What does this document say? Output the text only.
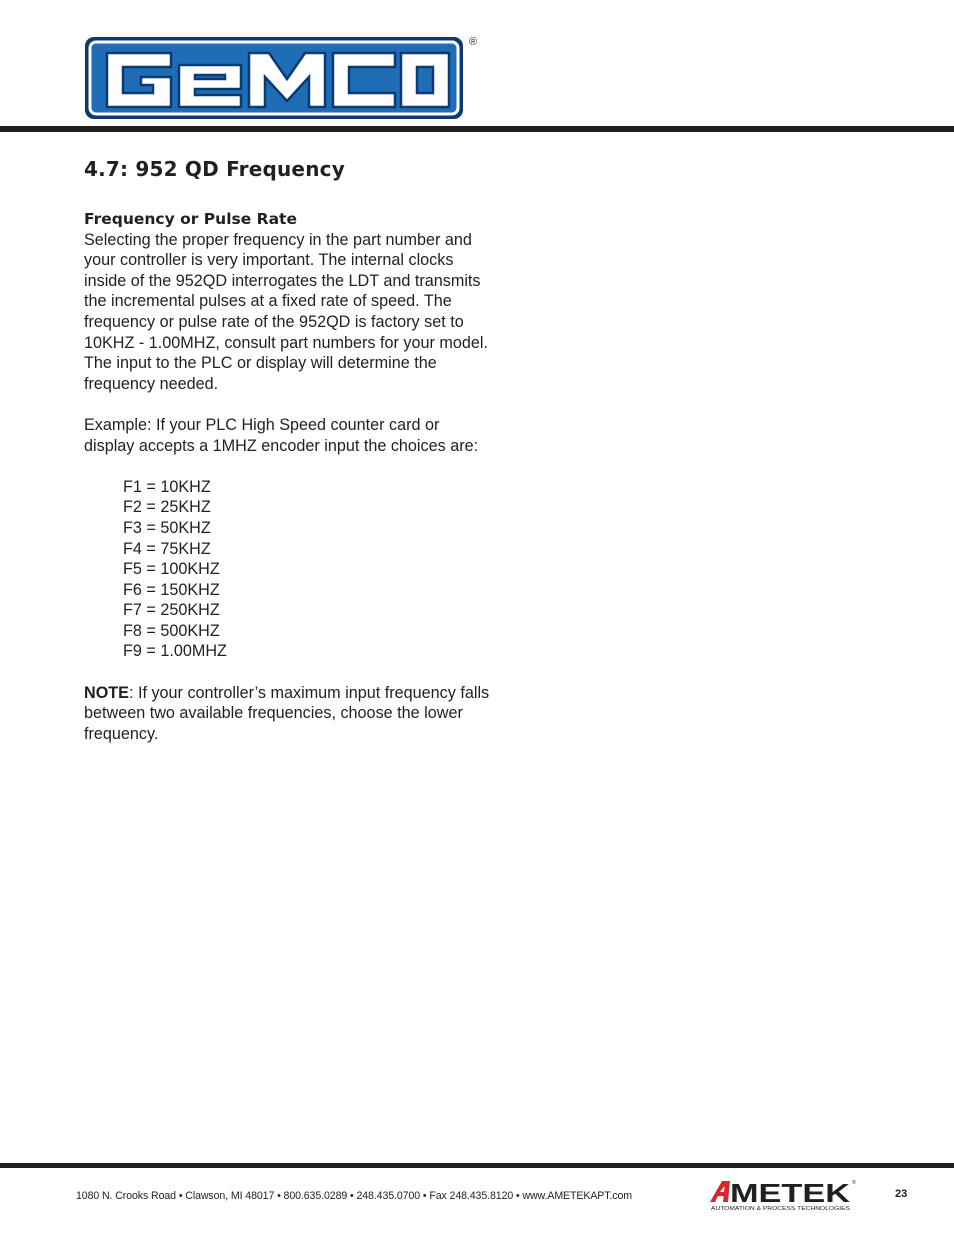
®
4.7: 952 QD Frequency
Frequency or Pulse Rate

Selecting the proper frequency in the part number and your controller is very important. The internal clocks inside of the 952QD interrogates the LDT and transmits the incremental pulses at a fixed rate of speed. The frequency or pulse rate of the 952QD is factory set to 10KHZ - 1.00MHZ, consult part numbers for your model. The input to the PLC or display will determine the frequency needed.

Example: If your PLC High Speed counter card or display accepts a 1MHZ encoder input the choices are:

F1 = 10KHZ
F2 = 25KHZ
F3 = 50KHZ
F4 = 75KHZ
F5 = 100KHZ
F6 = 150KHZ
F7 = 250KHZ
F8 = 500KHZ
F9 = 1.00MHZ

NOTE: If your controller’s maximum input frequency falls between two available frequencies, choose the lower frequency.

1080 N. Crooks Road • Clawson, MI 48017 • 800.635.0289 • 248.435.0700 • Fax 248.435.8120 • www.AMETEKAPT.com	METEK ®
AUTOMATION & PROCESS TECHNOLOGIES
23
